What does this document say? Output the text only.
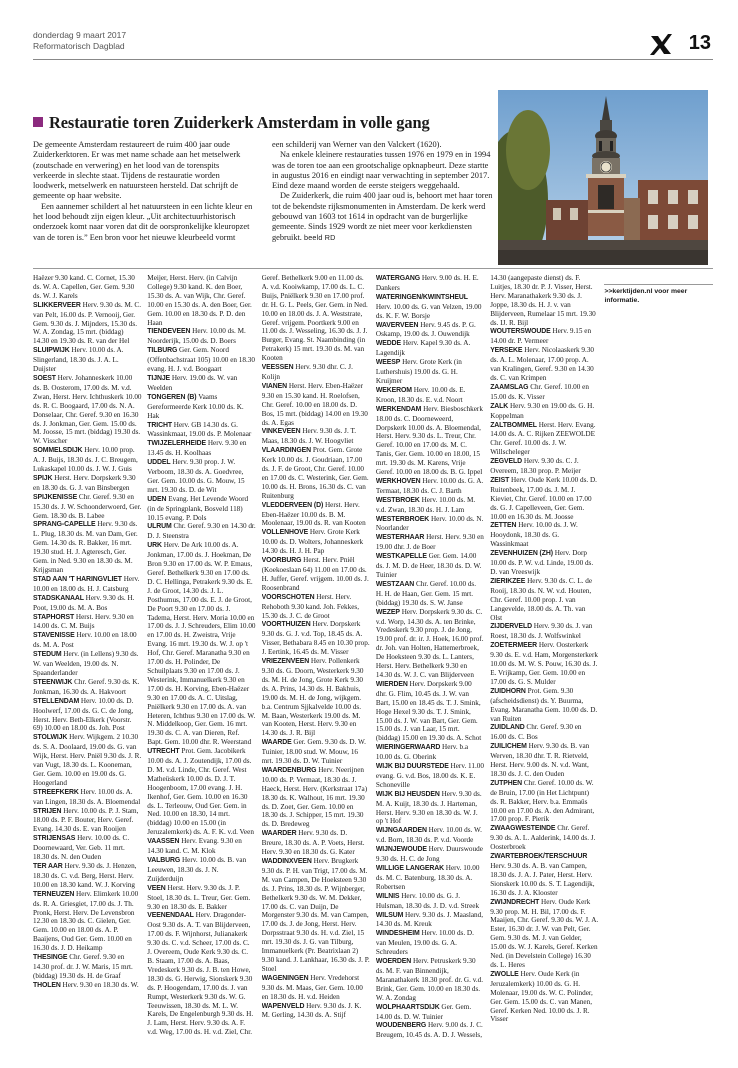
donderdag 9 maart 2017
Reformatorisch Dagblad	13
Restauratie toren Zuiderkerk Amsterdam in volle gang

De gemeente Amsterdam restaureert de ruim 400 jaar oude Zuiderkerktoren. Er was met name schade aan het metselwerk (zoutschade en verwering) en het lood van de torenspits verkeerde in slechte staat. Tijdens de restauratie worden loodwerk, metselwerk en natuursteen hersteld. Dat schrijft de gemeente op haar website.

Een aannemer schildert al het natuursteen in een lichte kleur en het lood behoudt zijn eigen kleur. „Uit architectuurhistorisch onderzoek komt naar voren dat dit de oorspronkelijke kleuropzet van de toren is.” Een bron voor het nieuwe kleurbeeld vormt

een schilderij van Werner van den Valckert (1620).

Na enkele kleinere restauraties tussen 1976 en 1979 en in 1994 was de toren toe aan een grootschalige opknapbeurt. Deze startte in augustus 2016 en eindigt naar verwachting in september 2017. Eind deze maand worden de eerste steigers weggehaald.

De Zuiderkerk, die ruim 400 jaar oud is, behoort met haar toren tot de bekendste rijksmonumenten in Amsterdam. De kerk werd gebouwd van 1603 tot 1614 in opdracht van de burgerlijke gemeente. Sinds 1929 wordt ze niet meer voor kerkdiensten gebruikt. beeld RD

Haëzer 9.30 kand. C. Cornet, 15.30 ds. W. A. Capellen, Ger. Gem. 9.30 ds. W. J. Karels

SLIKKERVEER Herv. 9.30 ds. M. C. van Pelt, 16.00 ds. P. Vernooij, Ger. Gem. 9.30 ds. J. Mijnders, 15.30 ds. W. A. Zondag, 15 mrt. (biddag) 14.30 en 19.30 ds. R. van der Hel

SLUIPWIJK Herv. 10.00 ds. A. Slingerland, 18.30 ds. J. A. L. Duijster

SOEST Herv. Johanneskerk 10.00 ds. B. Oosterom, 17.00 ds. M. v.d. Zwan, Herst. Herv. Ichthuskerk 10.00 ds. R. C. Boogaard, 17.00 ds. N. A. Donselaar, Chr. Geref. 9.30 en 16.30 ds. J. Jonkman, Ger. Gem. 15.00 ds. M. Joosse, 15 mrt. (biddag) 19.30 ds. W. Visscher

SOMMELSDIJK Herv. 10.00 prop. A. J. Buijs, 18.30 ds. J. C. Breugem, Lukaskapel 10.00 ds. J. W. J. Guis

SPIJK Herst. Herv. Dorpskerk 9.30 en 18.30 ds. G. J. van Binsbergen

SPIJKENISSE Chr. Geref. 9.30 en 15.30 ds. J. W. Schoonderwoerd, Ger. Gem. 18.30 ds. B. Labee

SPRANG-CAPELLE Herv. 9.30 ds. L. Plug, 18.30 ds. M. van Dam, Ger. Gem. 14.30 ds. R. Bakker, 16 mrt. 19.30 stud. H. J. Agteresch, Ger. Gem. in Ned. 9.30 en 18.30 ds. M. Krijgsman

STAD AAN 'T HARINGVLIET Herv. 10.00 en 18.00 ds. H. J. Catsburg

STADSKANAAL Herv. 9.30 ds. H. Poot, 19.00 ds. M. A. Bos

STAPHORST Herst. Herv. 9.30 en 14.00 ds. C. M. Buijs

STAVENISSE Herv. 10.00 en 18.00 ds. M. A. Post

STEDUM Herv. (in Lellens) 9.30 ds. W. van Weelden, 19.00 ds. N. Spaanderlander

STEENWIJK Chr. Geref. 9.30 ds. K. Jonkman, 16.30 ds. A. Hakvoort

STELLENDAM Herv. 10.00 ds. D. Hoolwerf, 17.00 ds. G. C. de Jong, Herst. Herv. Beth-Elkerk (Voorstr. 69) 10.00 en 18.00 ds. Joh. Post

STOLWIJK Herv. Wijkgem. 2 10.30 ds. S. A. Doolaard, 19.00 ds. G. van Wijk, Herst. Herv. Pniël 9.30 ds. J. R. van Vugt, 18.30 ds. L. Kooneman, Ger. Gem. 10.00 en 19.00 ds. G. Hoogerland

STREEFKERK Herv. 10.00 ds. A. van Lingen, 18.30 ds. A. Bloemendal

STRIJEN Herv. 10.00 ds. P. J. Stam, 18.00 ds. P. F. Bouter, Herv. Geref. Evang. 14.30 ds. E. van Rooijen

STRIJENSAS Herv. 10.00 ds. C. Doornewaard, Ver. Geb. 11 mrt. 18.30 ds. N. den Ouden

TER AAR Herv. 9.30 ds. J. Henzen, 18.30 ds. C. v.d. Berg, Herst. Herv. 10.00 en 18.30 kand. W. J. Korving

TERNEUZEN Herv. Elimkerk 10.00 ds. R. A. Griesgiet, 17.00 ds. J. Th. Pronk, Herst. Herv. De Levensbron 12.30 en 18.30 ds. C. Gielen, Ger. Gem. 10.00 en 18.00 ds. A. P. Baaijens, Oud Ger. Gem. 10.00 en 16.30 ds. J. D. Heikamp

THESINGE Chr. Geref. 9.30 en 14.30 prof. dr. J. W. Maris, 15 mrt. (biddag) 19.30 ds. H. de Graaf

THOLEN Herv. 9.30 en 18.30 ds. W.

Meijer, Herst. Herv. (in Calvijn College) 9.30 kand. K. den Boer, 15.30 ds. A. van Wijk, Chr. Geref. 10.00 en 15.30 ds. A. den Boer, Ger. Gem. 10.00 en 18.30 ds. P. D. den Haan

TIENDEVEEN Herv. 10.00 ds. M. Noorderijk, 15.00 ds. D. Boers

TILBURG Ger. Gem. Noord (Offenbachstraat 105) 10.00 en 18.30 evang. H. J. v.d. Boogaart

TIJNJE Herv. 19.00 ds. W. van Weelden

TONGEREN (B) Vaams Gereformeerde Kerk 10.00 ds. K. Hak

TRICHT Herv. GB 14.30 ds. G. Wassinkmaat, 19.00 ds. P. Molenaar

TWIJZELERHEIDE Herv. 9.30 en 13.45 ds. H. Koolhaas

UDDEL Herv. 9.30 prop. J. W. Verboom, 18.30 ds. A. Goedvree, Ger. Gem. 10.00 ds. G. Mouw, 15 mrt. 19.30 ds. D. de Wit

UDEN Evang. Het Levende Woord (in de Springplank, Bosveld 118) 10.15 evang. P. Dols

ULRUM Chr. Geref. 9.30 en 14.30 dr. D. J. Steenstra

URK Herv. De Ark 10.00 ds. A. Jonkman, 17.00 ds. J. Hoekman, De Bron 9.30 en 17.00 ds. W. P. Emaus, Geref. Bethelkerk 9.30 en 17.00 ds. D. C. Hellinga, Petrakerk 9.30 ds. E. J. de Groot, 14.30 ds. J. L. Posthumus, 17.00 ds. E. J. de Groot, De Poort 9.30 en 17.00 ds. J. Tadema, Herst. Herv. Moria 10.00 en 17.00 ds. J. J. Schreuders, Elim 10.00 en 17.00 ds. H. Zweistra, Vrije Evang. 16 mrt. 19.30 ds. W. J. op 't Hof, Chr. Geref. Maranatha 9.30 en 17.00 ds. H. Polinder, De Schuilplaats 9.30 en 17.00 ds. J. Westerink, Immanuelkerk 9.30 en 17.00 ds. H. Korving, Eben-Haëzer 9.30 en 17.00 ds. A. C. Uitslag, Pniëlkerk 9.30 en 17.00 ds. A. van Heteren, Ichthus 9.30 en 17.00 ds. W. N. Middelkoop, Ger. Gem. 16 mrt. 19.30 ds. C. A. van Dieren, Ref. Bapt. Gem. 10.00 dhr. R. Weerstand

UTRECHT Prot. Gem. Jacobikerk 10.00 ds. A. J. Zoutendijk, 17.00 ds. D. M. v.d. Linde, Chr. Geref. West Matheüskerk 10.00 ds. D. J. T. Hoogenboom, 17.00 evang. J. H. Ikenhof, Ger. Gem. 10.00 en 16.30 ds. L. Terleouw, Oud Ger. Gem. in Ned. 10.00 en 18.30, 14 mrt. (biddag) 10.00 en 15.00 (in Jeruzalemkerk) ds. A. F. K. v.d. Veen

VAASSEN Herv. Evang. 9.30 en 14.30 kand. C. M. Klok

VALBURG Herv. 10.00 ds. B. van Leeuwen, 18.30 ds. J. N. Zuijderduijn

VEEN Herst. Herv. 9.30 ds. J. P. Stoel, 18.30 ds. L. Treur, Ger. Gem. 9.30 en 18.30 ds. E. Bakker

VEENENDAAL Herv. Dragonder-Oost 9.30 ds. A. T. van Blijderveen, 17.00 ds. F. Wijnhorst, Julianakerk 9.30 ds. C. v.d. Scheer, 17.00 ds. C. J. Overeem, Oude Kerk 9.30 ds. C. B. Staam, 17.00 ds. A. Baas, Vredeskerk 9.30 ds. J. B. ten Howe, 18.30 ds. G. Herwig, Sionskerk 9.30 ds. P. Hoogendam, 17.00 ds. J. van Rumpt, Westerkerk 9.30 ds. W. G. Teeuwissen, 18.30 ds. M. L. W. Karels, De Engelenburgh 9.30 ds. H. J. Lam, Herst. Herv. 9.30 ds. A. F. v.d. Weg, 17.00 ds. H. v.d. Ziel, Chr.

Geref. Bethelkerk 9.00 en 11.00 ds. A. v.d. Kooiwkamp, 17.00 ds. L. C. Buijs, Pniëlkerk 9.30 en 17.00 prof. dr. H. G. L. Peels, Ger. Gem. in Ned. 10.00 en 18.00 ds. J. A. Weststrate, Geref. vrijgem. Poortkerk 9.00 en 11.00 ds. J. Wesseling, 16.30 ds. J. J. Burger, Evang. St. Naambinding (in Petrakerk) 15 mrt. 19.30 ds. M. van Kooten

VEESSEN Herv. 9.30 dhr. C. J. Kolijn

VIANEN Herst. Herv. Eben-Haëzer 9.30 en 15.30 kand. H. Roelofsen, Chr. Geref. 10.00 en 18.00 ds. D. Bos, 15 mrt. (biddag) 14.00 en 19.30 ds. A. Egas

VINKEVEEN Herv. 9.30 ds. J. T. Maas, 18.30 ds. J. W. Hoogvliet

VLAARDINGEN Prot. Gem. Grote Kerk 10.00 ds. J. Goudriaan, 17.00 ds. J. F. de Groot, Chr. Geref. 10.00 en 17.00 ds. C. Westerink, Ger. Gem. 10.00 ds. H. Brons, 16.30 ds. C. van Ruitenburg

VLEDDERVEEN (D) Herst. Herv. Eben-Haëzer 10.00 ds. B. M. Moolenaar, 19.00 ds. R. van Kooten

VOLLENHOVE Herv. Grote Kerk 10.00 ds. D. Wolters, Johanneskerk 14.30 ds. H. J. H. Pap

VOORBURG Herst. Herv. Pniël (Koekoeslaan 64) 11.00 en 17.00 ds. H. Juffer, Geref. vrijgem. 10.00 ds. J. Roosenbrand

VOORSCHOTEN Herst. Herv. Rehoboth 9.30 kand. Joh. Fekkes, 15.30 ds. J. C. de Groot

VOORTHUIZEN Herv. Dorpskerk 9.30 ds. G. J. v.d. Top, 18.45 ds. A. Visser, Bethabara 8.45 en 10.30 prop. J. Eertink, 16.45 ds. M. Visser

VRIEZENVEEN Herv. Pollenkerk 9.30 ds. G. Doorn, Westerkerk 9.30 ds. M. H. de Jong, Grote Kerk 9.30 ds. A. Prins, 14.30 ds. H. Bakhuis, 19.00 ds. M. H. de Jong, wijkgem. b.a. Centrum Sjjkalvelde 10.00 ds. M. Baan, Westerkerk 19.00 ds. M. van Kooten, Herst. Herv. 9.30 en 14.30 ds. J. R. Bijl

WAARDE Ger. Gem. 9.30 ds. D. W. Tuinier, 18.00 stud. W. Mouw, 16 mrt. 19.30 ds. D. W. Tuinier

WAARDENBURG Herv. Neerijnen 10.00 ds. P. Vermaat, 18.30 ds. J. Haeck, Herst. Herv. (Kerkstraat 17a) 18.30 ds. K. Walhout, 16 mrt. 19.30 ds. D. Zoet, Ger. Gem. 10.00 en 18.30 ds. J. Schipper, 15 mrt. 19.30 ds. D. Bredeweg

WAARDER Herv. 9.30 ds. D. Breure, 18.30 ds. A. P. Voets, Herst. Herv. 9.30 en 18.30 ds. G. Kater

WADDINXVEEN Herv. Brugkerk 9.30 ds. P. H. van Trigt, 17.00 ds. M. M. van Campen, De Hoeksteen 9.30 ds. J. Prins, 18.30 ds. P. Wijnberger, Bethelkerk 9.30 ds. W. M. Dekker, 17.00 ds. C. van Duijn, De Morgenster 9.30 ds. M. van Campen, 17.00 ds. J. de Jong, Herst. Herv. Dorpsstraat 9.30 ds. H. v.d. Ziel, 15 mrt. 19.30 ds. J. G. van Tilburg, Immanuelkerk (Pr. Beatrixlaan 2) 9.30 kand. J. Lankhaar, 16.30 ds. J. P. Stoel

WAGENINGEN Herv. Vredehorst 9.30 ds. M. Maas, Ger. Gem. 10.00 en 18.30 ds. H. v.d. Heiden

WAPENVELD Herv. 9.30 ds. J. K. M. Gerling, 14.30 ds. A. Stijf

WATERGANG Herv. 9.00 ds. H. E. Dankers

WATERINGEN/KWINTSHEUL Herv. 10.00 ds. G. van Velzen, 19.00 ds. K. F. W. Borsje

WAVERVEEN Herv. 9.45 ds. P. G. Oskamp, 19.00 ds. J. Ouwendijk

WEDDE Herv. Kapel 9.30 ds. A. Lagendijk

WEESP Herv. Grote Kerk (in Luthershuis) 19.00 ds. G. H. Kruijmer

WEKEROM Herv. 10.00 ds. E. Kroon, 18.30 ds. E. v.d. Noort

WERKENDAM Herv. Biesboschkerk 18.00 ds. C. Doorneweerd, Dorpskerk 10.00 ds. A. Bloemendal, Herst. Herv. 9.30 ds. L. Treur, Chr. Geref. 10.00 en 17.00 ds. M. C. Tanis, Ger. Gem. 10.00 en 18.00, 15 mrt. 19.30 ds. M. Karens, Vrije Geref. 10.00 en 18.00 ds. B. G. Ippel

WERKHOVEN Herv. 10.00 ds. G. A. Termaat, 18.30 ds. C. J. Barth

WESTBROEK Herv. 10.00 ds. M. v.d. Zwan, 18.30 ds. H. J. Lam

WESTERBROEK Herv. 10.00 ds. N. Noorlander

WESTERHAAR Herst. Herv. 9.30 en 19.00 dhr. J. de Boer

WESTKAPELLE Ger. Gem. 14.00 ds. J. M. D. de Heer, 18.30 ds. D. W. Tuinier

WESTZAAN Chr. Geref. 10.00 ds. H. H. de Haan, Ger. Gem. 15 mrt. (biddag) 19.30 ds. S. W. Janse

WEZEP Herv. Dorpskerk 9.30 ds. C. v.d. Worp, 14.30 ds. A. ten Brinke, Vredeskerk 9.30 prop. J. de Jong, 19.00 prof. dr. ir. J. Hoek, 16.00 prof. dr. Joh. van Holten, Hattemerbroek, De Hoeksteen 9.30 ds. L. Lanters, Herst. Herv. Bethelkerk 9.30 en 14.30 ds. W. J. C. van Blijderveen

WIERDEN Herv. Dorpskerk 9.00 dhr. G. Flim, 10.45 ds. J. W. van Bart, 15.00 en 18.45 ds. T. J. Smink, Hoge Hexel 9.30 ds. T. J. Smink, 15.00 ds. J. W. van Bart, Ger. Gem. 15.00 ds. J. van Laar, 15 mrt. (biddag) 15.00 en 19.30 ds. A. Schot

WIERINGERWAARD Herv. b.a 10.00 ds. G. Oberink

WIJK BIJ DUURSTEDE Herv. 11.00 evang. G. v.d. Bos, 18.00 ds. K. E. Schoneville

WIJK BIJ HEUSDEN Herv. 9.30 ds. M. A. Kuijt, 18.30 ds. J. Harteman, Herst. Herv. 9.30 en 18.30 ds. W. J. op 't Hof

WIJNGAARDEN Herv. 10.00 ds. W. v.d. Born, 18.30 ds. P. v.d. Voorde

WIJNJEWOUDE Herv. Duurswoude 9.30 ds. H. C. de Jong

WILLIGE LANGERAK Herv. 10.00 ds. M. C. Batenburg, 18.30 ds. A. Robertsen

WILNIS Herv. 10.00 ds. G. J. Hulsman, 18.30 ds. J. D. v.d. Streek

WILSUM Herv. 9.30 ds. J. Maasland, 14.30 ds. M. Kreuk

WINDESHEIM Herv. 10.00 ds. D. van Meulen, 19.00 ds. G. A. Schreuders

WOERDEN Herv. Petruskerk 9.30 ds. M. F. van Binnendijk, Maranathakerk 18.30 prof. dr. G. v.d. Brink, Ger. Gem. 10.00 en 18.30 ds. W. A. Zondag

WOLPHAARTSDIJK Ger. Gem. 14.00 ds. D. W. Tuinier

WOUDENBERG Herv. 9.00 ds. J. C. Breugem, 10.45 ds. A. D. J. Wessels,

14.30 (aangepaste dienst) ds. F. Luitjes, 18.30 dr. P. J. Visser, Herst. Herv. Maranathakerk 9.30 ds. J. Joppe, 18.30 ds. H. J. v. van Blijderveen, Rumelaar 15 mrt. 19.30 ds. IJ. R. Bijl

WOUTERSWOUDE Herv. 9.15 en 14.00 dr. P. Vermeer

YERSEKE Herv. Nicolaaskerk 9.30 ds. A. L. Molenaar, 17.00 prop. A. van Kralingen, Geref. 9.30 en 14.30 ds. C. van Krimpen

ZAAMSLAG Chr. Geref. 10.00 en 15.00 ds. K. Visser

ZALK Herv. 9.30 en 19.00 ds. G. H. Koppelman

ZALTBOMMEL Herst. Herv. Evang. 14.00 ds. A. C. Rijken ZEEWOLDE Chr. Geref. 10.00 ds. J. W. Willscheleger

ZEGVELD Herv. 9.30 ds. C. J. Overeem, 18.30 prop. P. Meijer

ZEIST Herv. Oude Kerk 10.00 ds. D. Ruitenbeek, 17.00 ds. J. M. J. Kieviet, Chr. Geref. 10.00 en 17.00 ds. G. J. Capelleveen, Ger. Gem. 10.00 en 16.30 ds. M. Joosse

ZETTEN Herv. 10.00 ds. J. W. Hooydonk, 18.30 ds. G. Wassinkmaat

ZEVENHUIZEN (ZH) Herv. Dorp 10.00 ds. P. W. v.d. Linde, 19.00 ds. D. van Vreeswijk

ZIERIKZEE Herv. 9.30 ds. C. L. de Rooij, 18.30 ds. N. W. v.d. Houten, Chr. Geref. 10.00 prop. J. van Langevelde, 18.00 ds. A. Th. van Olst

ZIJDERVELD Herv. 9.30 ds. J. van Roest, 18.30 ds. J. Wolfswinkel

ZOETERMEER Herv. Oosterkerk 9.30 ds. E. v.d. Ham, Morgensterkerk 10.00 ds. M. W. S. Pouw, 16.30 ds. J. E. Vrijkamp, Ger. Gem. 10.00 en 17.00 ds. G. S. Mulder

ZUIDHORN Prot. Gem. 9.30 (afscheidsdienst) ds. Y. Buurma, Evang. Maranatha Gem. 10.00 ds. D. van Ruiten

ZUIDLAND Chr. Geref. 9.30 en 16.00 ds. C. Bos

ZUILICHEM Herv. 9.30 ds. B. van Werven, 18.30 dhr. T. R. Rietveld, Herst. Herv. 9.00 ds. N. v.d. Want, 18.30 ds. J. C. den Ouden

ZUTPHEN Chr. Geref. 10.00 ds. W. de Bruin, 17.00 (in Het Lichtpunt) ds. R. Bakker, Herv. b.a. Emmaüs 10.00 en 17.00 ds. A. den Admirant, 17.00 prop. F. Pierik

ZWAAGWESTEINDE Chr. Geref. 9.30 ds. A. L. Aalderink, 14.00 ds. J. Oosterbroek

ZWARTEBROEK/TERSCHUUR Herv. 9.30 ds. A. B. van Campen, 18.30 ds. J. A. J. Pater, Herst. Herv. Sionskerk 10.00 ds. S. T. Lagendijk, 16.30 ds. J. A. Klooster

ZWIJNDRECHT Herv. Oude Kerk 9.30 prop. M. H. Bil, 17.00 ds. F. Maaijen, Chr. Geref. 9.30 ds. W. J. A. Ester, 16.30 dr. J. W. van Pelt, Ger. Gem. 9.30 ds. M. J. van Gelder, 15.00 ds. W. J. Karels, Geref. Kerken Ned. (in Develstein College) 16.30 ds. L. Heres

ZWOLLE Herv. Oude Kerk (in Jeruzalemkerk) 10.00 ds. G. H. Molenaar, 19.00 ds. W. C. Polinder, Ger. Gem. 15.00 ds. C. van Manen, Geref. Kerken Ned. 10.00 ds. J. R. Visser

>>kerktijden.nl voor meer informatie.
